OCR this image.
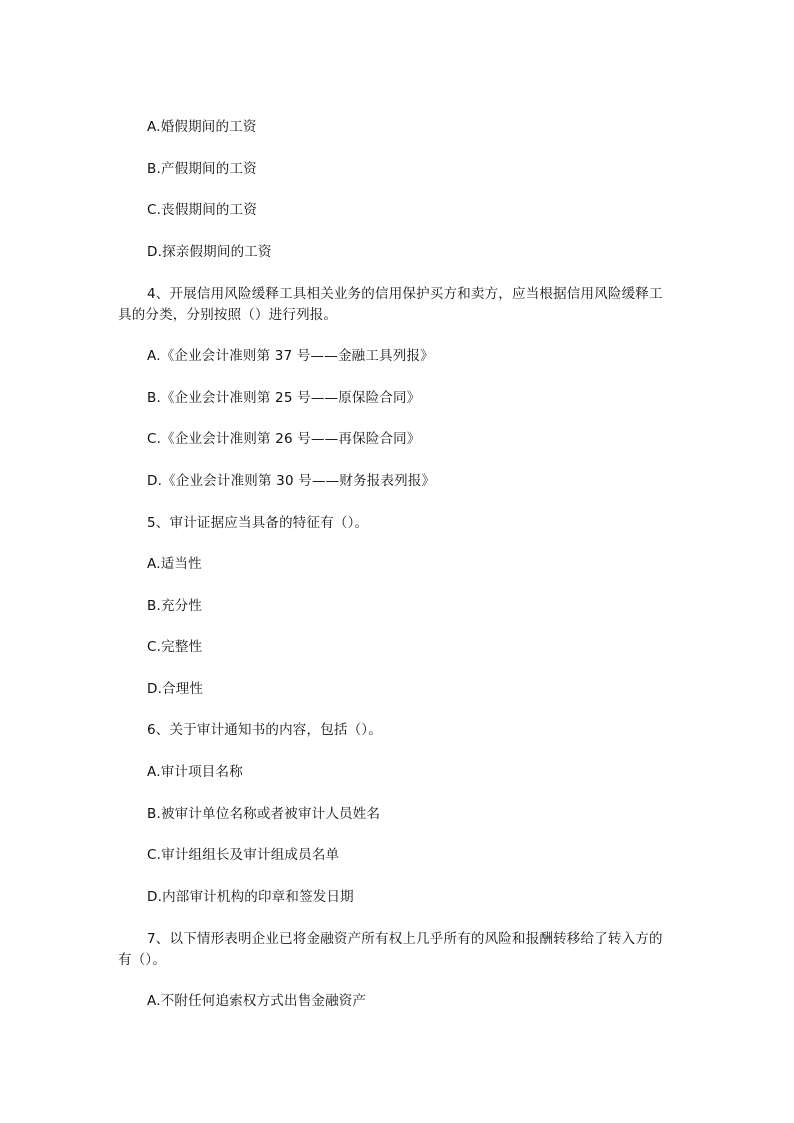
A.婚假期间的工资
B.产假期间的工资
C.丧假期间的工资
D.探亲假期间的工资
4、开展信用风险缓释工具相关业务的信用保护买方和卖方，应当根据信用风险缓释工
具的分类，分别按照（）进行列报。
A.《企业会计准则第 37 号——金融工具列报》
B.《企业会计准则第 25 号——原保险合同》
C.《企业会计准则第 26 号——再保险合同》
D.《企业会计准则第 30 号——财务报表列报》
5、审计证据应当具备的特征有（）。
A.适当性
B.充分性
C.完整性
D.合理性
6、关于审计通知书的内容，包括（）。
A.审计项目名称
B.被审计单位名称或者被审计人员姓名
C.审计组组长及审计组成员名单
D.内部审计机构的印章和签发日期
7、以下情形表明企业已将金融资产所有权上几乎所有的风险和报酬转移给了转入方的
有（）。
A.不附任何追索权方式出售金融资产
